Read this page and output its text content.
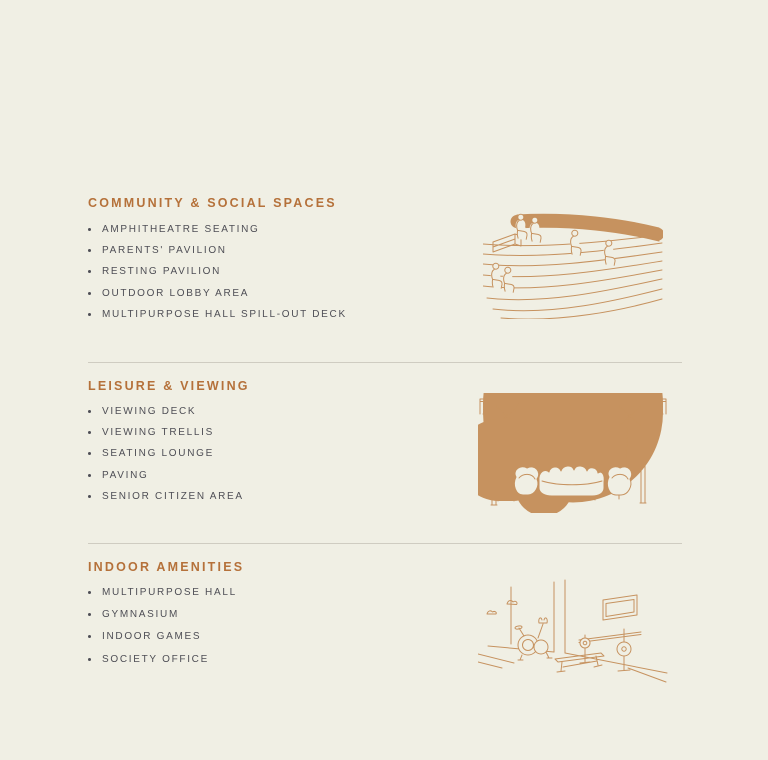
COMMUNITY & SOCIAL SPACES
AMPHITHEATRE SEATING
PARENTS' PAVILION
RESTING PAVILION
OUTDOOR LOBBY AREA
MULTIPURPOSE HALL SPILL-OUT DECK
LEISURE & VIEWING
VIEWING DECK
VIEWING TRELLIS
SEATING LOUNGE
PAVING
SENIOR CITIZEN AREA
INDOOR AMENITIES
MULTIPURPOSE HALL
GYMNASIUM
INDOOR GAMES
SOCIETY OFFICE
